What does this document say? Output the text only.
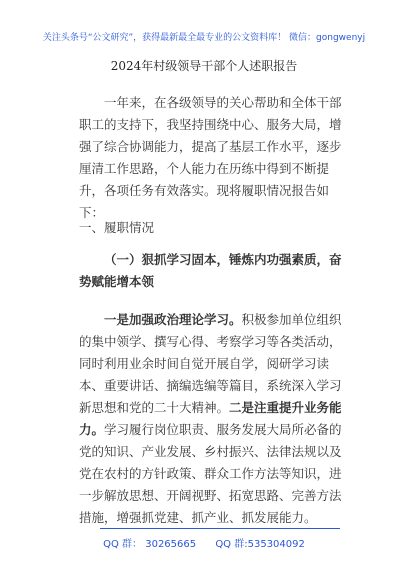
关注头条号“公文研究”，获得最新最全最专业的公文资料库！ 微信：gongwenyj
2024年村级领导干部个人述职报告
一年来，在各级领导的关心帮助和全体干部职工的支持下，我坚持围绕中心、服务大局，增强了综合协调能力，提高了基层工作水平，逐步厘清工作思路，个人能力在历练中得到不断提升，各项任务有效落实。现将履职情况报告如下：
一、履职情况
（一）狠抓学习固本，锤炼内功强素质，奋势赋能增本领
一是加强政治理论学习。积极参加单位组织的集中领学、撰写心得、考察学习等各类活动，同时利用业余时间自觉开展自学，阅研学习读本、重要讲话、摘编选编等篇目，系统深入学习新思想和党的二十大精神。二是注重提升业务能力。学习履行岗位职责、服务发展大局所必备的党的知识、产业发展、乡村振兴、法律法规以及党在农村的方针政策、群众工作方法等知识，进一步解放思想、开阔视野、拓宽思路、完善方法措施，增强抓党建、抓产业、抓发展能力。
QQ 群： 30265665 QQ 群:535304092
